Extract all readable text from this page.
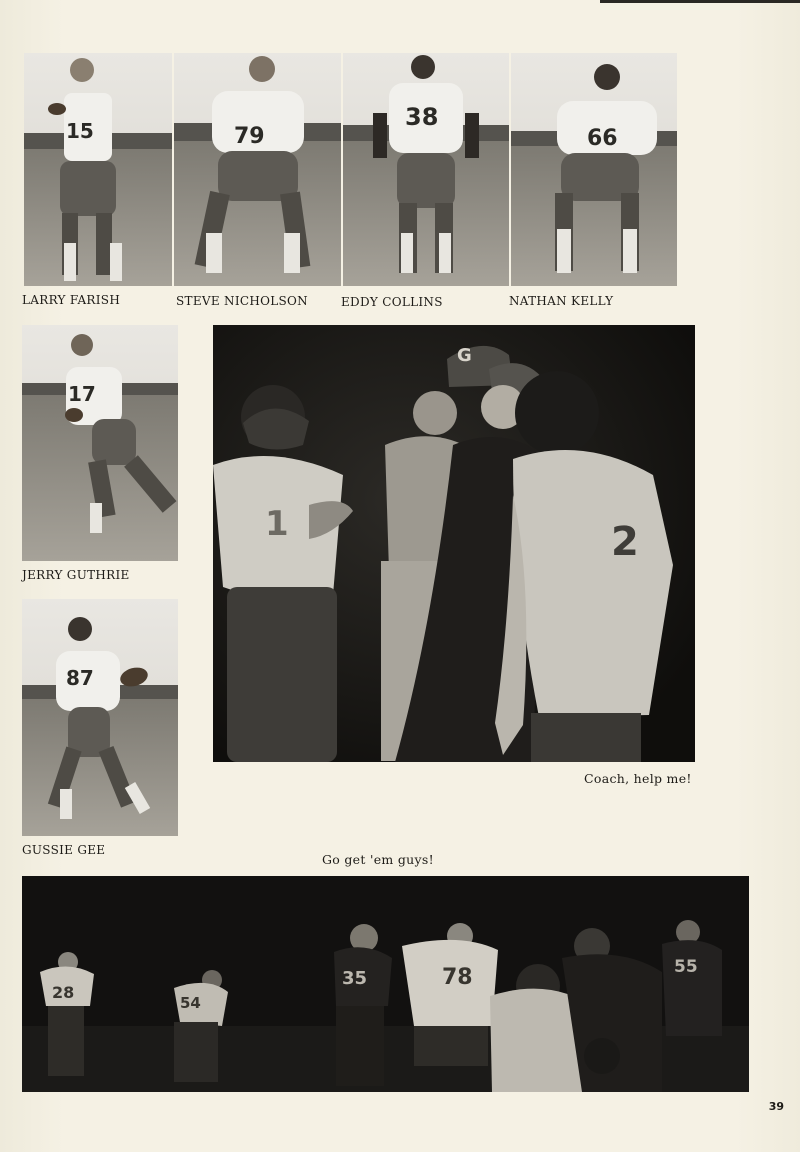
15	79
38
66
LARRY FARISH	STEVE NICHOLSON	EDDY COLLINS	NATHAN KELLY
17
JERRY GUTHRIE
87
GUSSIE GEE
1
G
2
Coach, help me!
Go get 'em guys!
28
54
35	78	55
39
